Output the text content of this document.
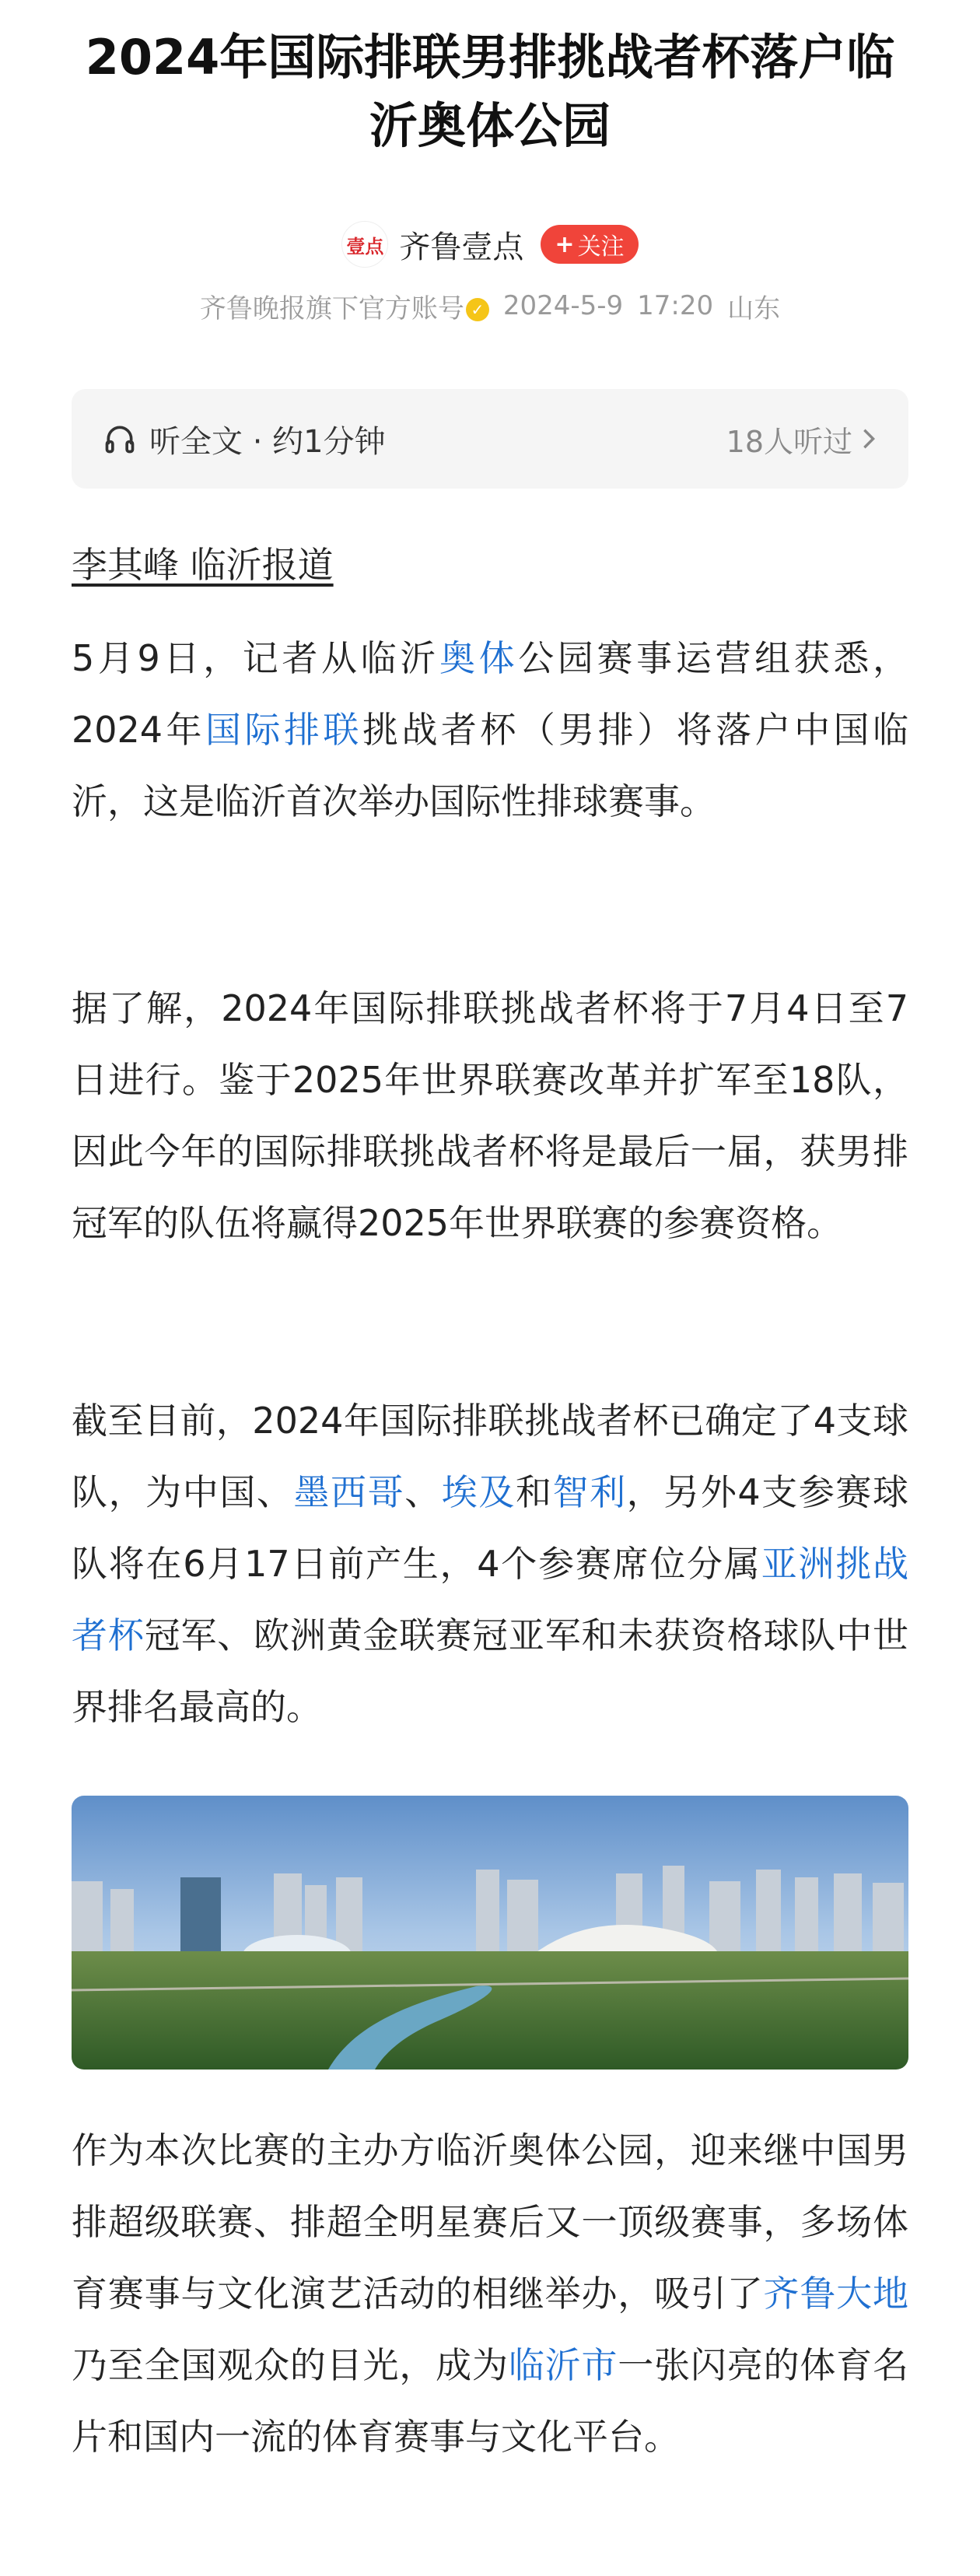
2024年国际排联男排挑战者杯落户临沂奥体公园
壹点 齐鲁壹点 + 关注
齐鲁晚报旗下官方账号 ✓ 2024-5-9 17:20 山东
听全文 · 约1分钟	18人听过
李其峰 临沂报道

5月9日，记者从临沂奥体公园赛事运营组获悉，2024年国际排联挑战者杯（男排）将落户中国临沂，这是临沂首次举办国际性排球赛事。

据了解，2024年国际排联挑战者杯将于7月4日至7日进行。鉴于2025年世界联赛改革并扩军至18队，因此今年的国际排联挑战者杯将是最后一届，获男排冠军的队伍将赢得2025年世界联赛的参赛资格。

截至目前，2024年国际排联挑战者杯已确定了4支球队，为中国、墨西哥、埃及和智利，另外4支参赛球队将在6月17日前产生，4个参赛席位分属亚洲挑战者杯冠军、欧洲黄金联赛冠亚军和未获资格球队中世界排名最高的。

作为本次比赛的主办方临沂奥体公园，迎来继中国男排超级联赛、排超全明星赛后又一顶级赛事，多场体育赛事与文化演艺活动的相继举办，吸引了齐鲁大地乃至全国观众的目光，成为临沂市一张闪亮的体育名片和国内一流的体育赛事与文化平台。
